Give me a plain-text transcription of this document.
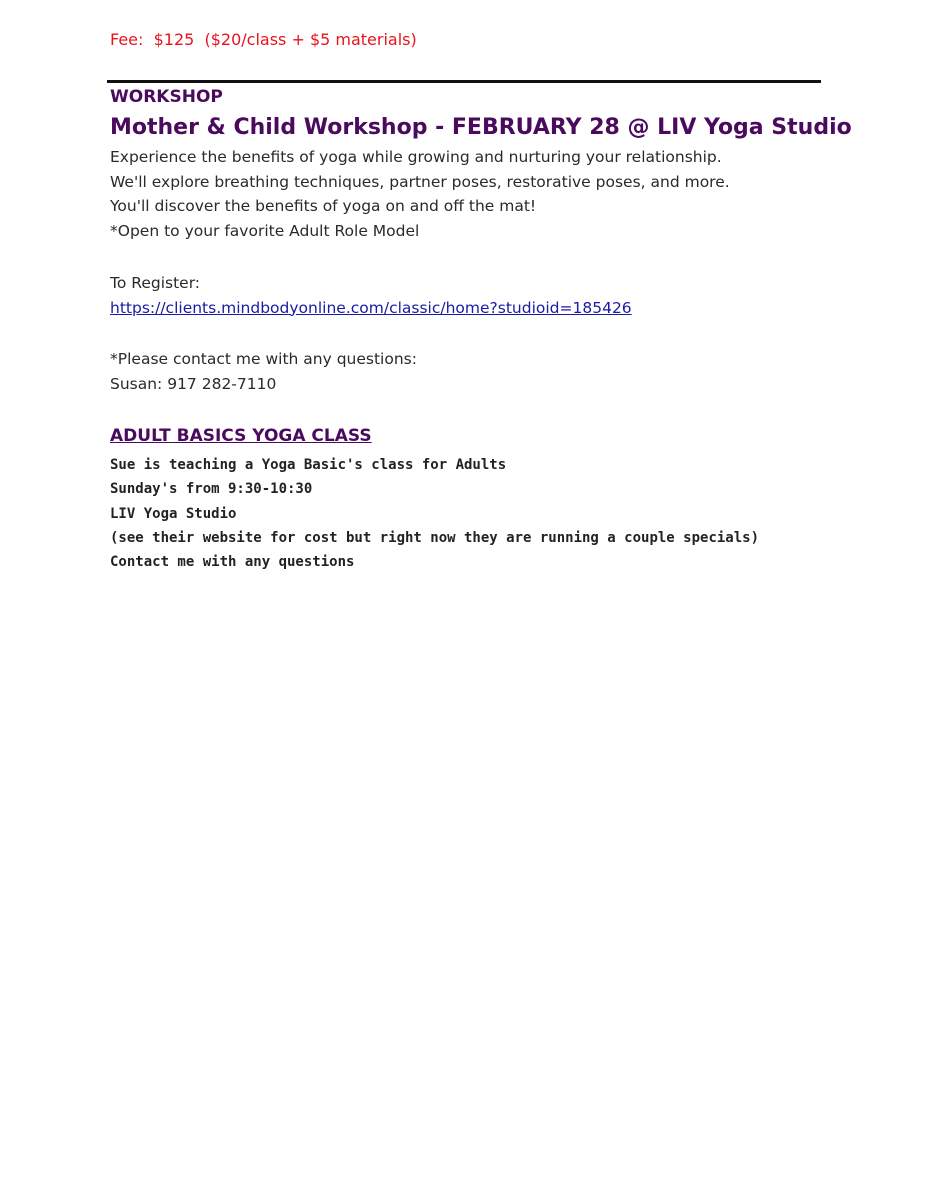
Fee:  $125  ($20/class + $5 materials)
WORKSHOP
Mother & Child Workshop - FEBRUARY 28 @ LIV Yoga Studio
Experience the benefits of yoga while growing and nurturing your relationship.
We'll explore breathing techniques, partner poses, restorative poses, and more.
You'll discover the benefits of yoga on and off the mat!
*Open to your favorite Adult Role Model
To Register:
https://clients.mindbodyonline.com/classic/home?studioid=185426
*Please contact me with any questions:
Susan: 917 282-7110
ADULT BASICS YOGA CLASS
Sue is teaching a Yoga Basic's class for Adults
Sunday's from 9:30-10:30
LIV Yoga Studio
(see their website for cost but right now they are running a couple specials)
Contact me with any questions
